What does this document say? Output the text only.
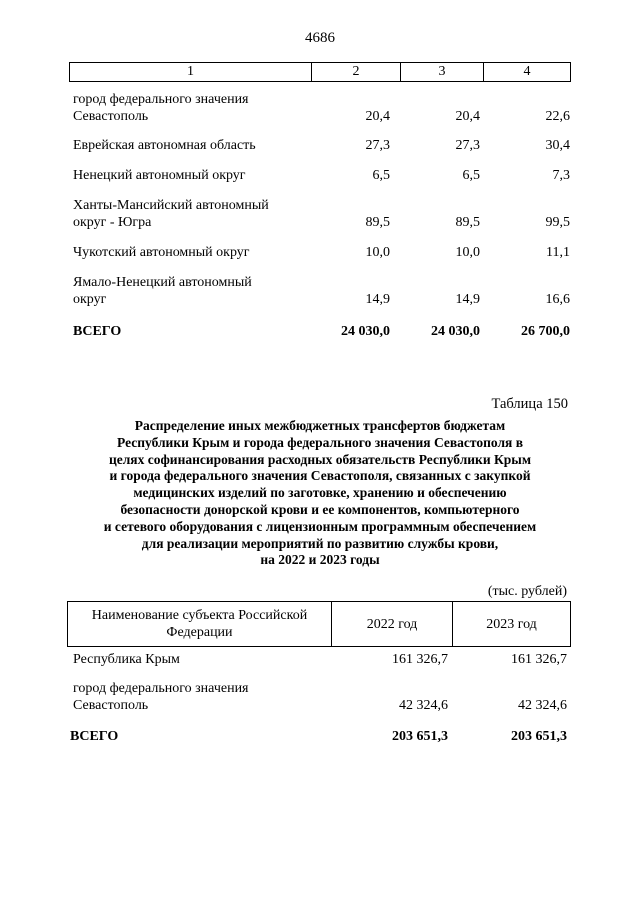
4686
1	2	3	4
город федерального значения
Севастополь	20,4	20,4	22,6
Еврейская автономная область	27,3	27,3	30,4
Ненецкий автономный округ	6,5	6,5	7,3
Ханты-Мансийский автономный
округ - Югра	89,5	89,5	99,5
Чукотский автономный округ	10,0	10,0	11,1
Ямало-Ненецкий автономный
округ	14,9	14,9	16,6
ВСЕГО	24 030,0	24 030,0	26 700,0
Таблица 150
Распределение иных межбюджетных трансфертов бюджетам
Республики Крым и города федерального значения Севастополя в
целях софинансирования расходных обязательств Республики Крым
и города федерального значения Севастополя, связанных с закупкой
медицинских изделий по заготовке, хранению и обеспечению
безопасности донорской крови и ее компонентов, компьютерного
и сетевого оборудования с лицензионным программным обеспечением
для реализации мероприятий по развитию службы крови,
на 2022 и 2023 годы
(тыс. рублей)
Наименование субъекта Российской
Федерации
2022 год	2023 год
Республика Крым	161 326,7	161 326,7
город федерального значения
Севастополь	42 324,6	42 324,6
ВСЕГО	203 651,3	203 651,3
